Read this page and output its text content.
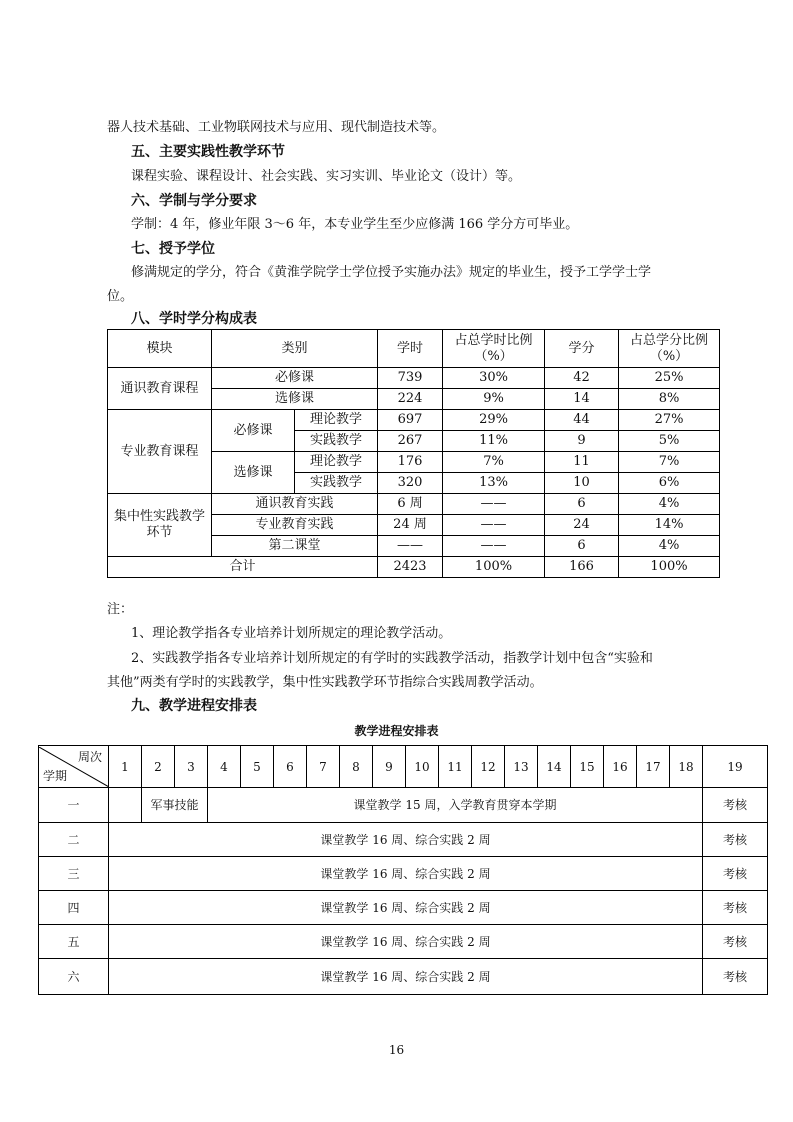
器人技术基础、工业物联网技术与应用、现代制造技术等。
五、主要实践性教学环节
课程实验、课程设计、社会实践、实习实训、毕业论文（设计）等。
六、学制与学分要求
学制：4 年，修业年限 3～6 年，本专业学生至少应修满 166 学分方可毕业。
七、授予学位
修满规定的学分，符合《黄淮学院学士学位授予实施办法》规定的毕业生，授予工学学士学
位。
八、学时学分构成表
模块	类别		学时	占总学时比例（%）	学分	占总学分比例（%）
通识教育课程	必修课		739	30%	42	25%
	选修课		224	9%	14	8%
专业教育课程	必修课	理论教学	697	29%	44	27%
		实践教学	267	11%	9	5%
	选修课	理论教学	176	7%	11	7%
		实践教学	320	13%	10	6%
集中性实践教学环节	通识教育实践		6 周	——	6	4%
	专业教育实践		24 周	——	24	14%
	第二课堂		——	——	6	4%
合计			2423	100%	166	100%
注：
1、理论教学指各专业培养计划所规定的理论教学活动。
2、实践教学指各专业培养计划所规定的有学时的实践教学活动，指教学计划中包含“实验和
其他”两类有学时的实践教学，集中性实践教学环节指综合实践周教学活动。
九、教学进程安排表
教学进程安排表
周次
学期	1	2	3	4	5	6	7	8	9	10	11	12	13	14	15	16	17	18	19
一		军事技能		课堂教学 15 周，入学教育贯穿本学期															考核
二	课堂教学 16 周、综合实践 2 周																		考核
三	课堂教学 16 周、综合实践 2 周																		考核
四	课堂教学 16 周、综合实践 2 周																		考核
五	课堂教学 16 周、综合实践 2 周																		考核
六	课堂教学 16 周、综合实践 2 周																		考核
16
